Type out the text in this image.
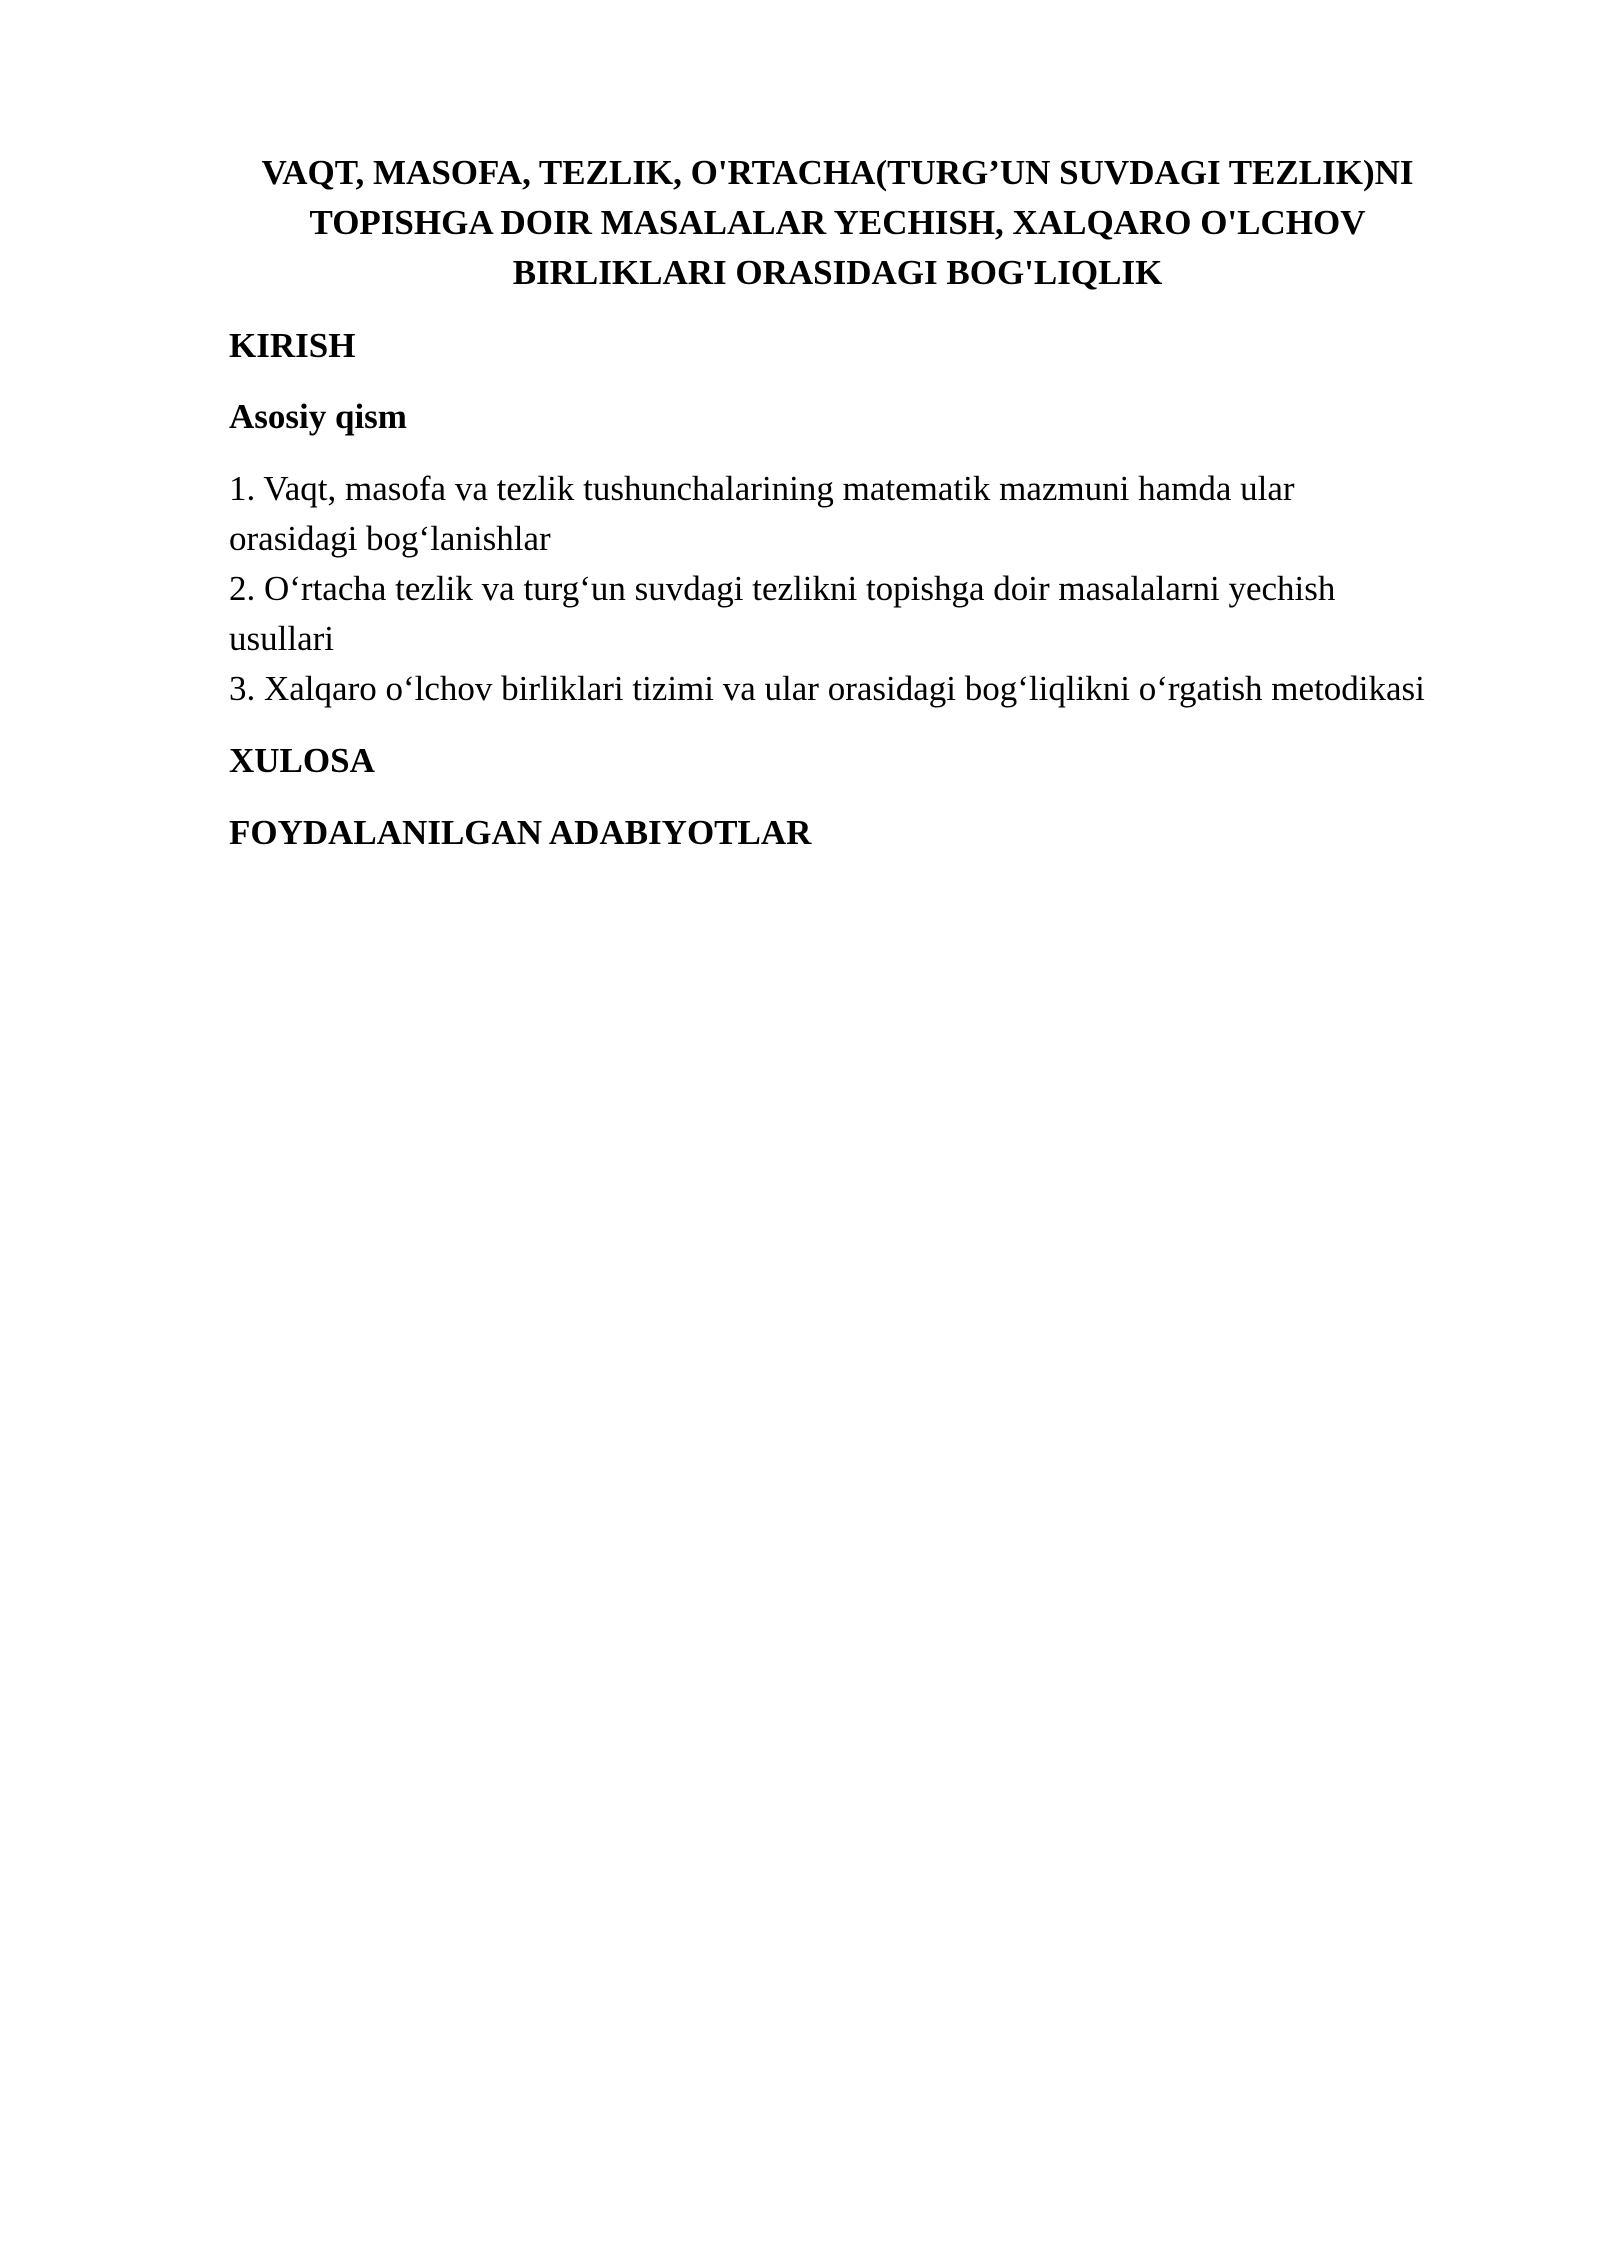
VAQT, MASOFA, TEZLIK, O'RTACHA(TURG’UN SUVDAGI TEZLIK)NI TOPISHGA DOIR MASALALAR YECHISH, XALQARO O'LCHOV BIRLIKLARI ORASIDAGI BOG'LIQLIK
KIRISH
Asosiy qism
1. Vaqt, masofa va tezlik tushunchalarining matematik mazmuni hamda ular orasidagi bog‘lanishlar
2. O‘rtacha tezlik va turg‘un suvdagi tezlikni topishga doir masalalarni yechish usullari
3. Xalqaro o‘lchov birliklari tizimi va ular orasidagi bog‘liqlikni o‘rgatish metodikasi
XULOSA
FOYDALANILGAN ADABIYOTLAR
